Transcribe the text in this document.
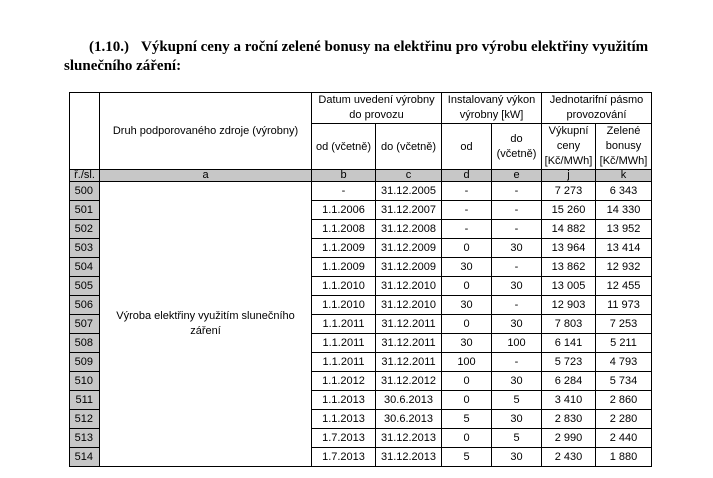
(1.10.) Výkupní ceny a roční zelené bonusy na elektřinu pro výrobu elektřiny využitím slunečního záření:
	Druh podporovaného zdroje (výrobny)	Datum uvedení výrobny do provozu		Instalovaný výkon výrobny [kW]		Jednotarifní pásmo provozování	
						Výkupní ceny [Kč/MWh]	Zelené bonusy [Kč/MWh]
		od (včetně)	do (včetně)	od	do (včetně)		
ř./sl.	a	b	c	d	e	j	k
500	Výroba elektřiny využitím slunečního záření	-	31.12.2005	-	-	7 273	6 343
501		1.1.2006	31.12.2007	-	-	15 260	14 330
502		1.1.2008	31.12.2008	-	-	14 882	13 952
503		1.1.2009	31.12.2009	0	30	13 964	13 414
504		1.1.2009	31.12.2009	30	-	13 862	12 932
505		1.1.2010	31.12.2010	0	30	13 005	12 455
506		1.1.2010	31.12.2010	30	-	12 903	11 973
507		1.1.2011	31.12.2011	0	30	7 803	7 253
508		1.1.2011	31.12.2011	30	100	6 141	5 211
509		1.1.2011	31.12.2011	100	-	5 723	4 793
510		1.1.2012	31.12.2012	0	30	6 284	5 734
511		1.1.2013	30.6.2013	0	5	3 410	2 860
512		1.1.2013	30.6.2013	5	30	2 830	2 280
513		1.7.2013	31.12.2013	0	5	2 990	2 440
514		1.7.2013	31.12.2013	5	30	2 430	1 880
